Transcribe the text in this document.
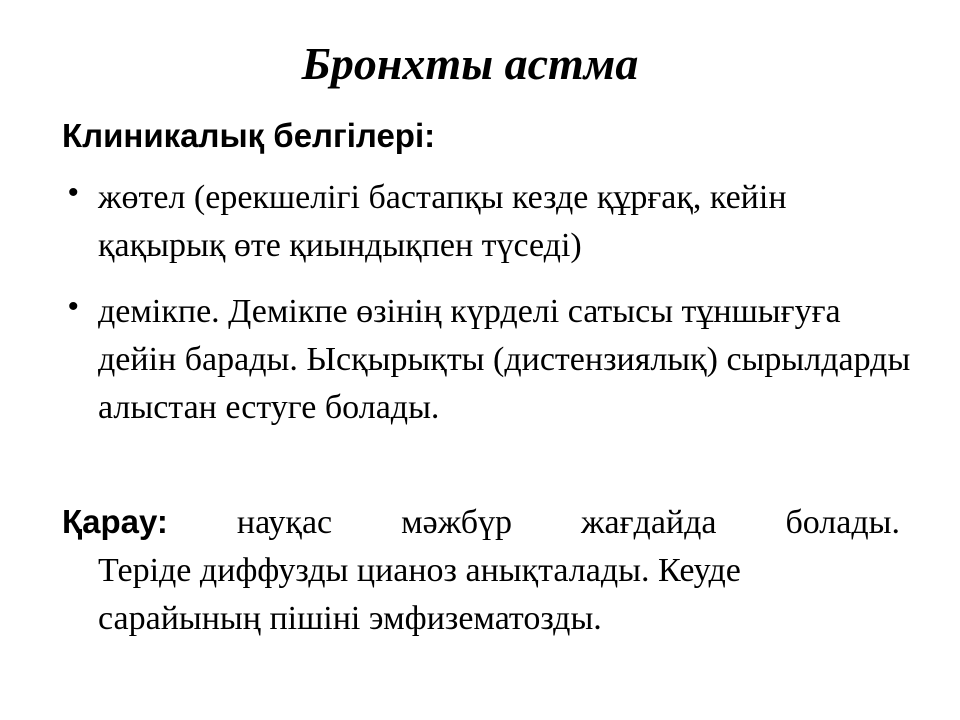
Бронхты астма

Клиникалық белгілері:

• жөтел (ерекшелігі бастапқы кезде құрғақ, кейін қақырық өте қиындықпен түседі)
• демікпе. Демікпе өзінің күрделі сатысы тұншығуға дейін барады. Ысқырықты (дистензиялық) сырылдарды алыстан естуге болады.
Қарау: науқас мәжбүр жағдайда болады.
Теріде диффузды цианоз анықталады. Кеуде сарайының пішіні эмфизематозды.
